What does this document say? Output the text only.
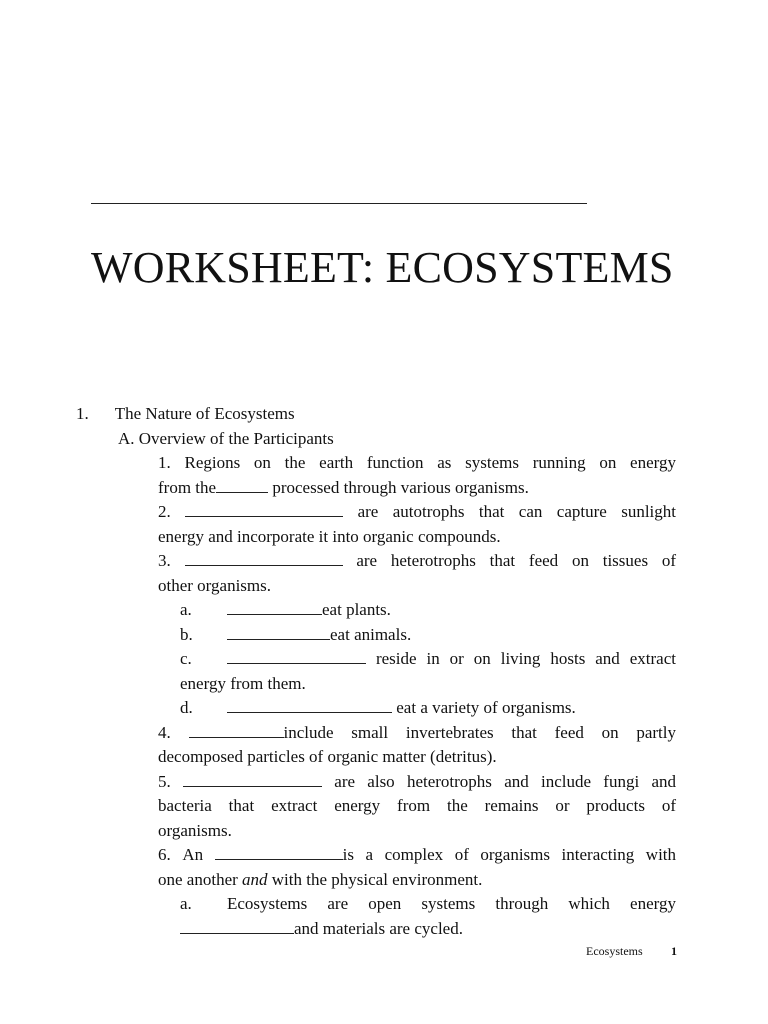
WORKSHEET: ECOSYSTEMS
1. The Nature of Ecosystems
A. Overview of the Participants
1. Regions on the earth function as systems running on energy
from the	processed through various organisms.
2.	are autotrophs that can capture sunlight
energy and incorporate it into organic compounds.
3.	are heterotrophs that feed on tissues of
other organisms.
a.	eat plants.
b.	eat animals.
c.	reside in or on living hosts and extract
energy from them.
d.	eat a variety of organisms.
4.	include small invertebrates that feed on partly
decomposed particles of organic matter (detritus).
5.	are also heterotrophs and include fungi and
bacteria that extract energy from the remains or products of
organisms.
6. An	is a complex of organisms interacting with
one another and with the physical environment.
a. Ecosystems are open systems through which energy
and materials are cycled.
Ecosystems 1
